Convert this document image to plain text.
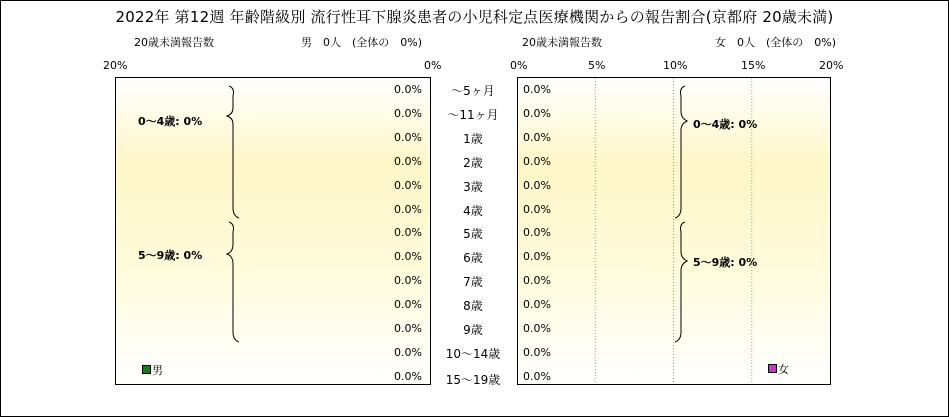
2022年 第12週 年齢階級別 流行性耳下腺炎患者の小児科定点医療機関からの報告割合(京都府 20歳未満)
20歳未満報告数	男　0人　(全体の　0%)	20歳未満報告数	女　0人　(全体の　0%)
20%	0%	0%	5%	10%	15%	20%
～5ヶ月
0.0%	0.0%
～11ヶ月
0.0%	0.0%
1歳
0.0%	0.0%
2歳
0.0%	0.0%
3歳
0.0%	0.0%
4歳
0.0%	0.0%
5歳
0.0%	0.0%
6歳
0.0%	0.0%
7歳
0.0%	0.0%
8歳
0.0%	0.0%
9歳
0.0%	0.0%
10～14歳
0.0%	0.0%
15～19歳
0.0%	0.0%
0～4歳: 0%
5～9歳: 0%
0～4歳: 0%
5～9歳: 0%
男	女
